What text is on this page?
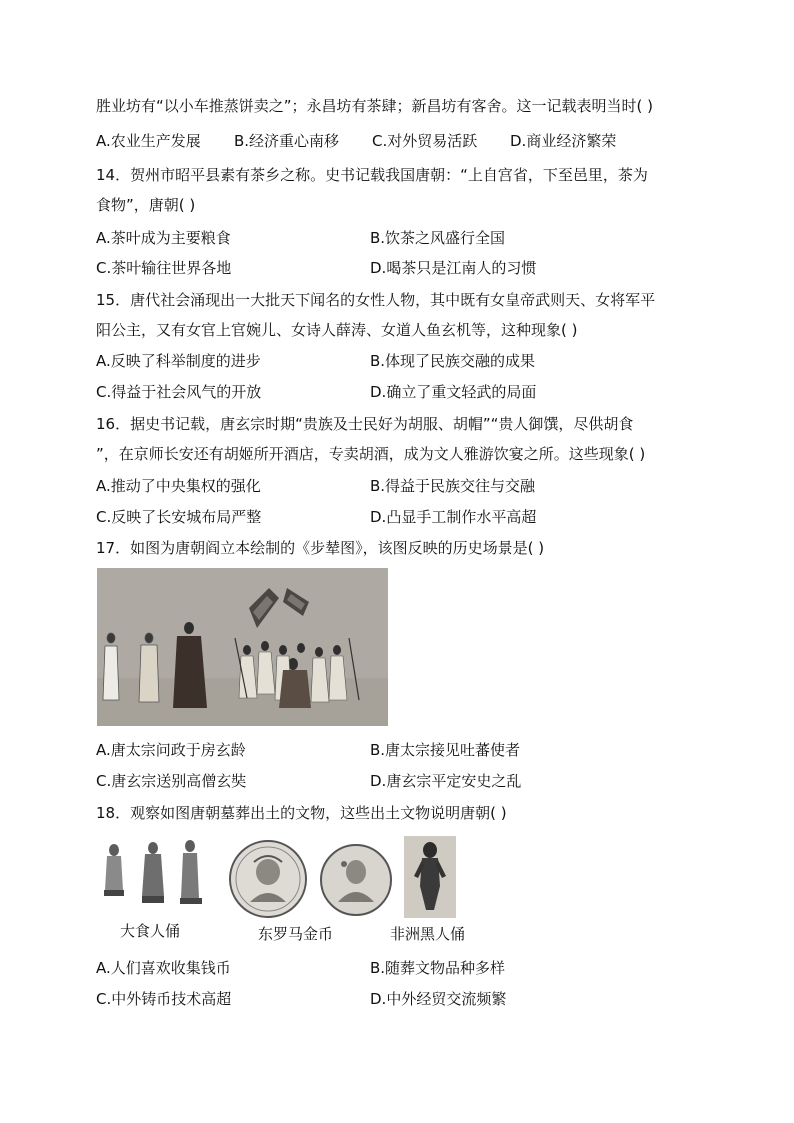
胜业坊有“以小车推蒸饼卖之”；永昌坊有茶肆；新昌坊有客舍。这一记载表明当时( )
A.农业生产发展 B.经济重心南移 C.对外贸易活跃 D.商业经济繁荣
14．贺州市昭平县素有茶乡之称。史书记载我国唐朝：“上自宫省，下至邑里，茶为
食物”，唐朝( )
A.茶叶成为主要粮食	B.饮茶之风盛行全国
C.茶叶输往世界各地	D.喝茶只是江南人的习惯
15．唐代社会涌现出一大批天下闻名的女性人物，其中既有女皇帝武则天、女将军平
阳公主，又有女官上官婉儿、女诗人薛涛、女道人鱼玄机等，这种现象( )
A.反映了科举制度的进步	B.体现了民族交融的成果
C.得益于社会风气的开放	D.确立了重文轻武的局面
16．据史书记载，唐玄宗时期“贵族及士民好为胡服、胡帽”“贵人御馔，尽供胡食
”，在京师长安还有胡姬所开酒店，专卖胡酒，成为文人雅游饮宴之所。这些现象( )
A.推动了中央集权的强化	B.得益于民族交往与交融
C.反映了长安城布局严整	D.凸显手工制作水平高超
17．如图为唐朝阎立本绘制的《步辇图》，该图反映的历史场景是( )
A.唐太宗问政于房玄龄	B.唐太宗接见吐蕃使者
C.唐玄宗送别高僧玄奘	D.唐玄宗平定安史之乱
18．观察如图唐朝墓葬出土的文物，这些出土文物说明唐朝( )
大食人俑	东罗马金币	非洲黑人俑
A.人们喜欢收集钱币	B.随葬文物品种多样
C.中外铸币技术高超	D.中外经贸交流频繁
